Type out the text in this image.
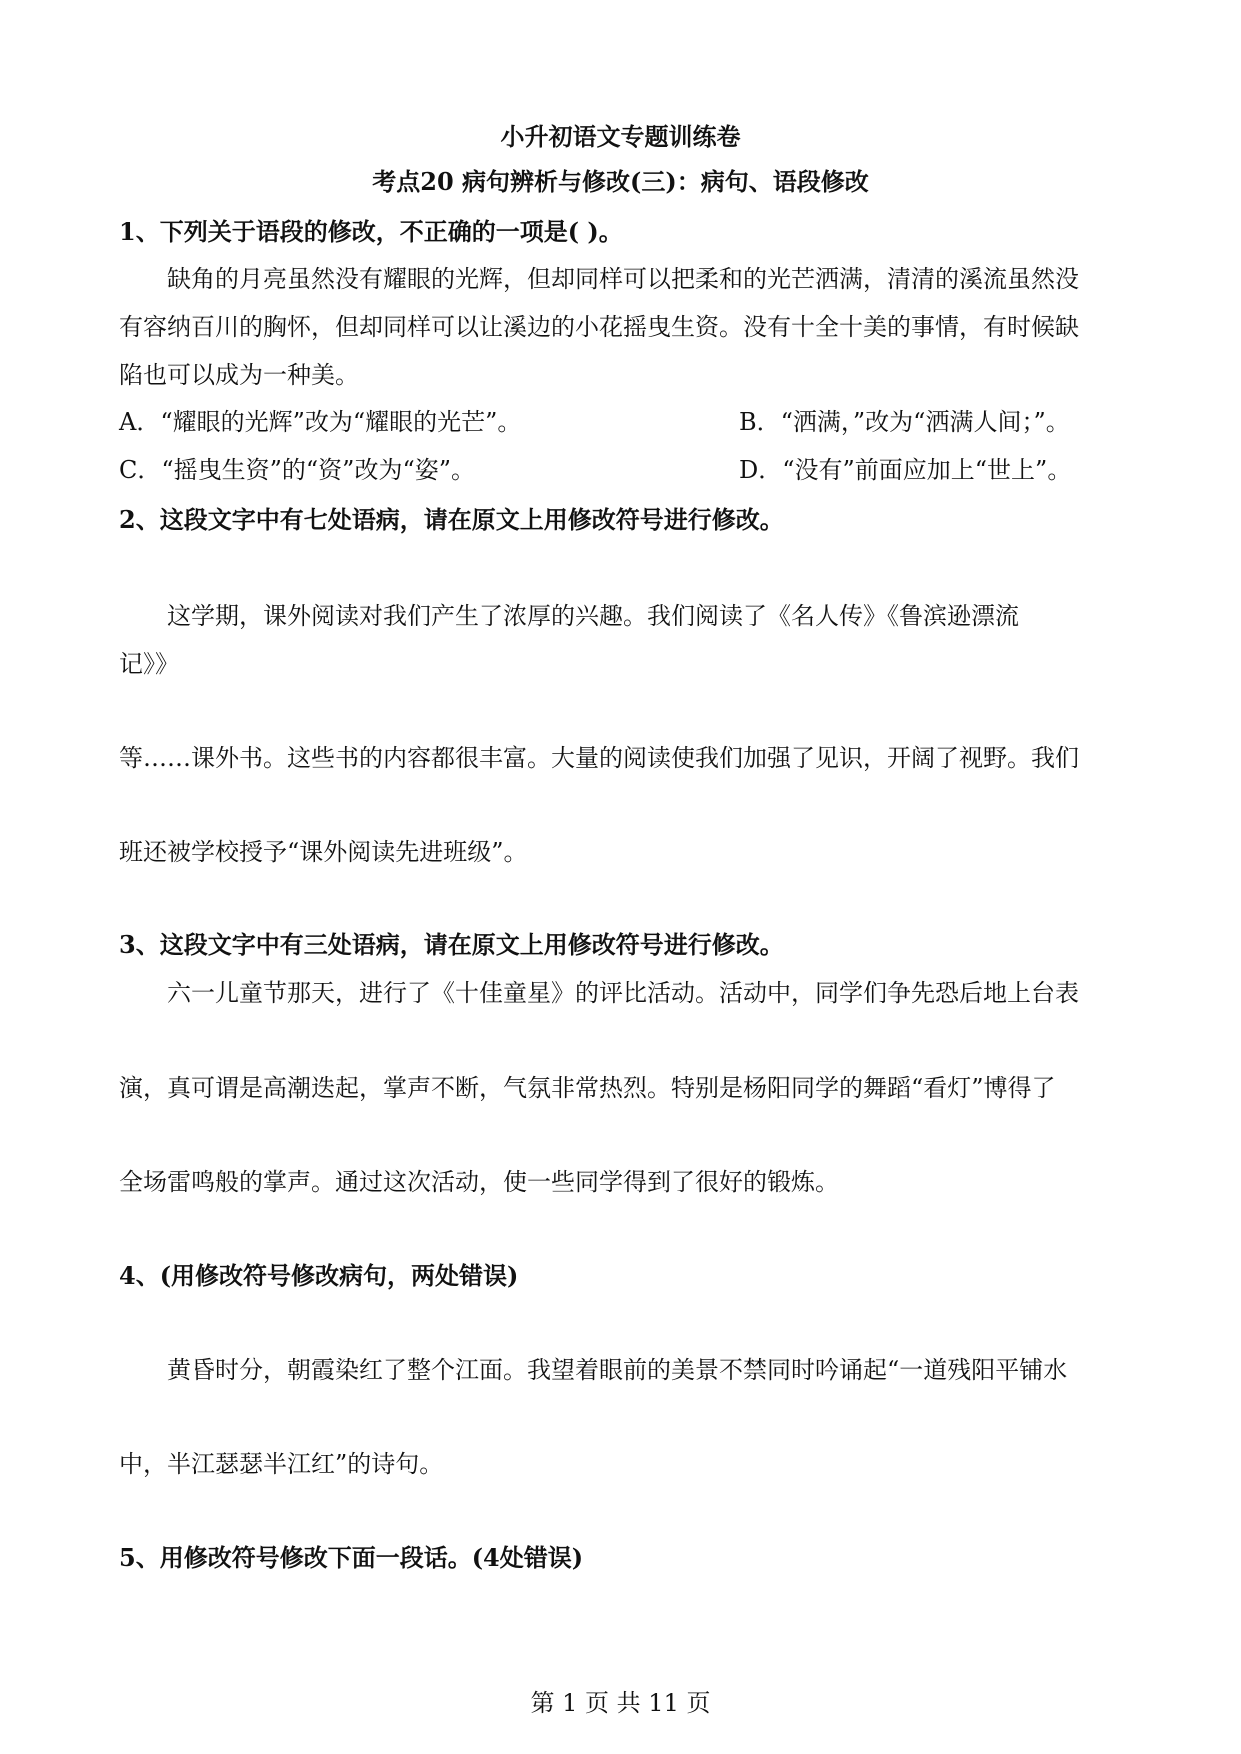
小升初语文专题训练卷
考点20 病句辨析与修改(三)：病句、语段修改
1、下列关于语段的修改，不正确的一项是( )。
缺角的月亮虽然没有耀眼的光辉，但却同样可以把柔和的光芒洒满，清清的溪流虽然没
有容纳百川的胸怀，但却同样可以让溪边的小花摇曳生资。没有十全十美的事情，有时候缺
陷也可以成为一种美。
A．“耀眼的光辉”改为“耀眼的光芒”。	B．“洒满，”改为“洒满人间；”。
C．“摇曳生资”的“资”改为“姿”。	D．“没有”前面应加上“世上”。
2、这段文字中有七处语病，请在原文上用修改符号进行修改。
这学期，课外阅读对我们产生了浓厚的兴趣。我们阅读了《名人传》《鲁滨逊漂流
记》》
等……课外书。这些书的内容都很丰富。大量的阅读使我们加强了见识，开阔了视野。我们
班还被学校授予“课外阅读先进班级”。
3、这段文字中有三处语病，请在原文上用修改符号进行修改。
六一儿童节那天，进行了《十佳童星》的评比活动。活动中，同学们争先恐后地上台表
演，真可谓是高潮迭起，掌声不断，气氛非常热烈。特别是杨阳同学的舞蹈“看灯”博得了
全场雷鸣般的掌声。通过这次活动，使一些同学得到了很好的锻炼。
4、(用修改符号修改病句，两处错误)
黄昏时分，朝霞染红了整个江面。我望着眼前的美景不禁同时吟诵起“一道残阳平铺水
中，半江瑟瑟半江红”的诗句。
5、用修改符号修改下面一段话。(4处错误)
第 1 页 共 11 页
